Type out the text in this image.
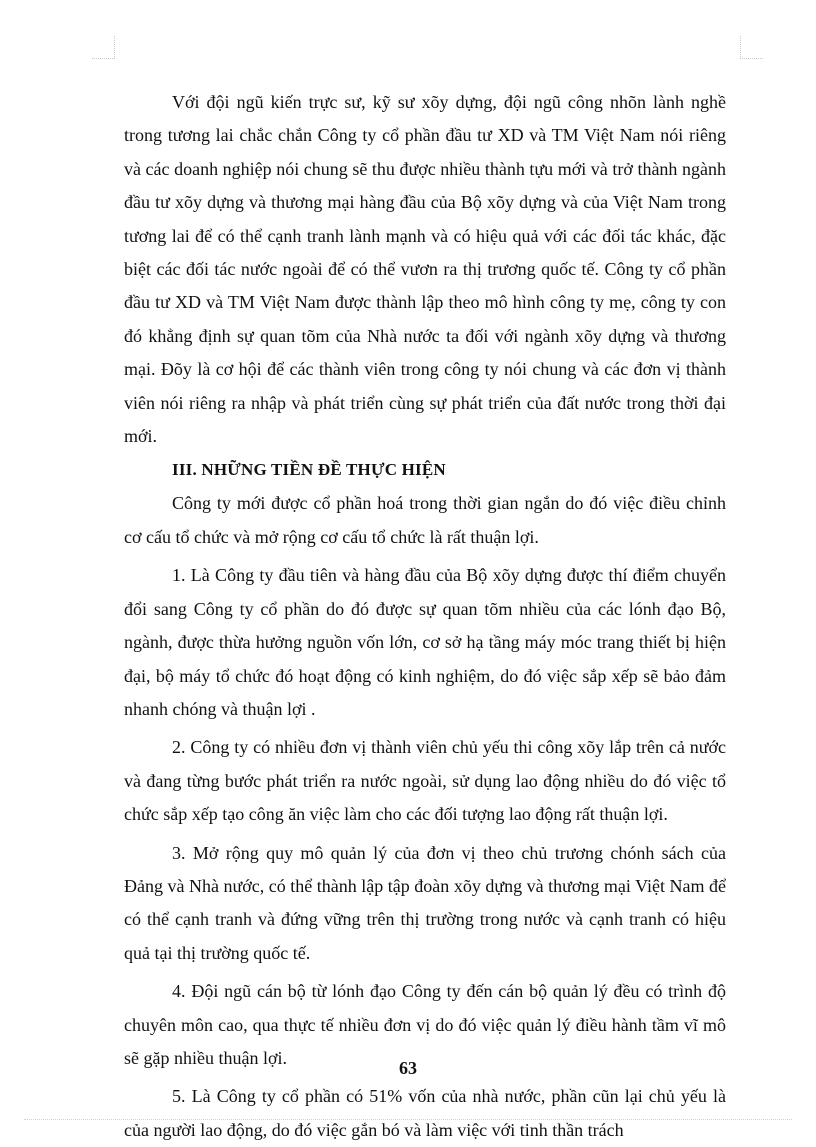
Với đội ngũ kiến trực sư, kỹ sư xõy dựng, đội ngũ công nhõn lành nghề trong tương lai chắc chắn Công ty cổ phần đầu tư XD và TM Việt Nam nói riêng và các doanh nghiệp nói chung sẽ thu được nhiều thành tựu mới và trở thành ngành đầu tư xõy dựng và thương mại hàng đầu của Bộ xõy dựng và của Việt Nam trong tương lai để có thể cạnh tranh lành mạnh và có hiệu quả với các đối tác khác, đặc biệt các đối tác nước ngoài để có thể vươn ra thị trương quốc tế. Công ty cổ phần đầu tư XD và TM Việt Nam được thành lập theo mô hình công ty mẹ, công ty con đó khẳng định sự quan tõm của Nhà nước ta đối với ngành xõy dựng và thương mại. Đõy là cơ hội để các thành viên trong công ty nói chung và các đơn vị thành viên nói riêng ra nhập và phát triển cùng sự phát triển của đất nước trong thời đại mới.

III. NHỮNG TIỀN ĐỀ THỰC HIỆN

Công ty mới được cổ phần hoá trong thời gian ngắn do đó việc điều chỉnh cơ cấu tổ chức và mở rộng cơ cấu tổ chức là rất thuận lợi.

1. Là Công ty đầu tiên và hàng đầu của Bộ xõy dựng được thí điểm chuyển đổi sang Công ty cổ phần do đó được sự quan tõm nhiều của các lónh đạo Bộ, ngành, được thừa hưởng nguồn vốn lớn, cơ sở hạ tầng máy móc trang thiết bị hiện đại, bộ máy tổ chức đó hoạt động có kinh nghiệm, do đó việc sắp xếp sẽ bảo đảm nhanh chóng và thuận lợi .

2. Công ty có nhiều đơn vị thành viên chủ yếu thi công xõy lắp trên cả nước và đang từng bước phát triển ra nước ngoài, sử dụng lao động nhiều do đó việc tổ chức sắp xếp tạo công ăn việc làm cho các đối tượng lao động rất thuận lợi.

3. Mở rộng quy mô quản lý của đơn vị theo chủ trương chónh sách của Đảng và Nhà nước, có thể thành lập tập đoàn xõy dựng và thương mại Việt Nam để có thể cạnh tranh và đứng vững trên thị trường trong nước và cạnh tranh có hiệu quả tại thị trường quốc tế.

4. Đội ngũ cán bộ từ lónh đạo Công ty đến cán bộ quản lý đều có trình độ chuyên môn cao, qua thực tế nhiều đơn vị do đó việc quản lý điều hành tầm vĩ mô sẽ gặp nhiều thuận lợi.

5. Là Công ty cổ phần có 51% vốn của nhà nước, phần cũn lại chủ yếu là của người lao động, do đó việc gắn bó và làm việc với tinh thần trách

63
